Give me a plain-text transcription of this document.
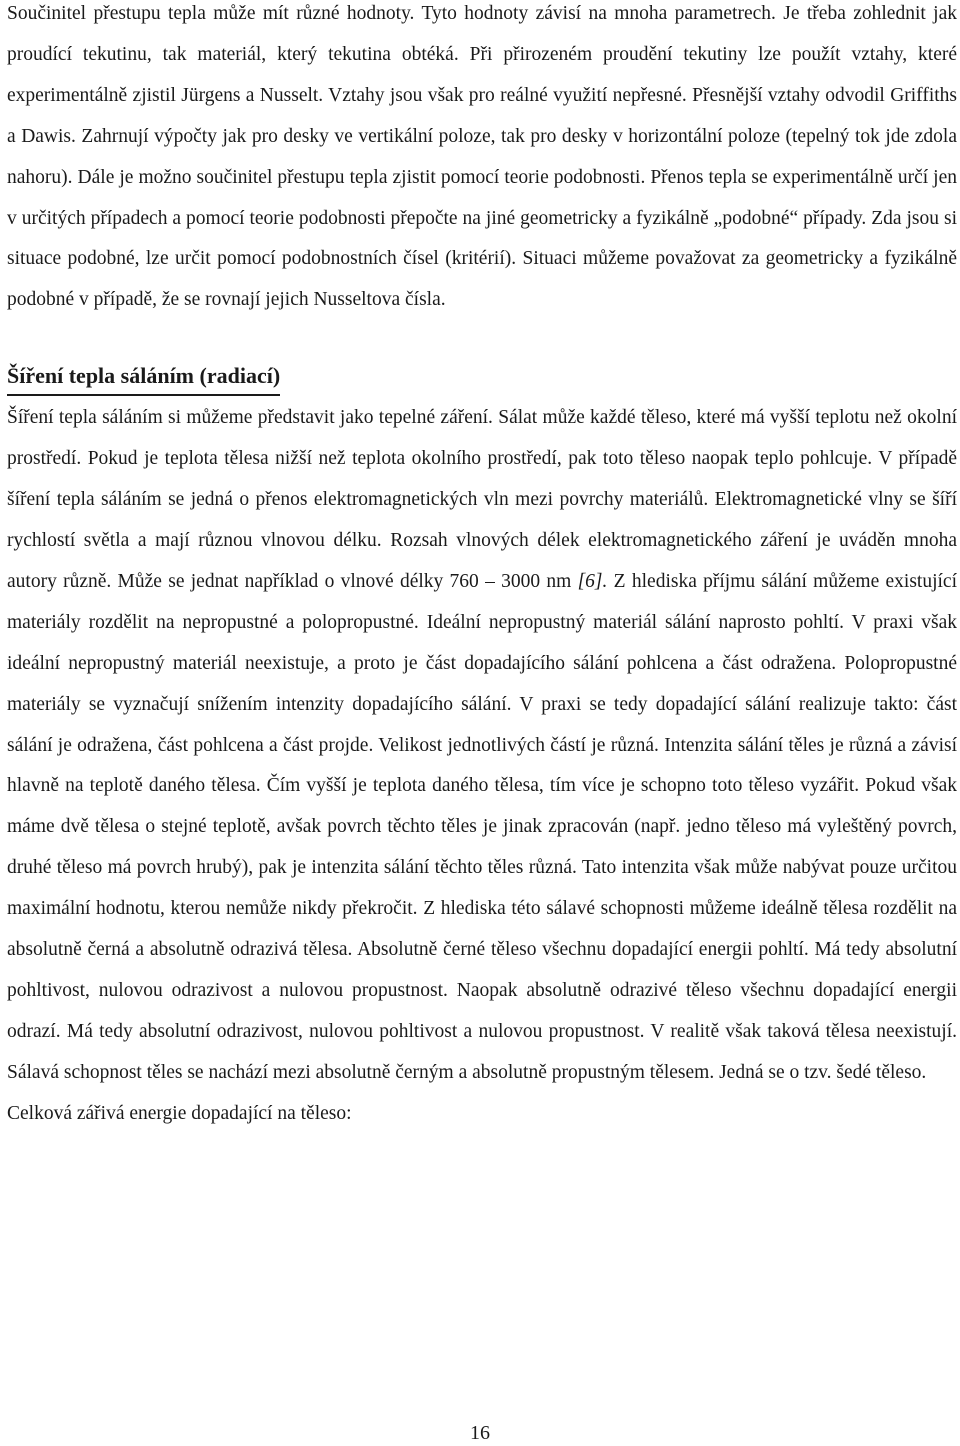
Součinitel přestupu tepla může mít různé hodnoty. Tyto hodnoty závisí na mnoha parametrech. Je třeba zohlednit jak proudící tekutinu, tak materiál, který tekutina obtéká. Při přirozeném proudění tekutiny lze použít vztahy, které experimentálně zjistil Jürgens a Nusselt. Vztahy jsou však pro reálné využití nepřesné. Přesnější vztahy odvodil Griffiths a Dawis. Zahrnují výpočty jak pro desky ve vertikální poloze, tak pro desky v horizontální poloze (tepelný tok jde zdola nahoru). Dále je možno součinitel přestupu tepla zjistit pomocí teorie podobnosti. Přenos tepla se experimentálně určí jen v určitých případech a pomocí teorie podobnosti přepočte na jiné geometricky a fyzikálně „podobné“ případy. Zda jsou si situace podobné, lze určit pomocí podobnostních čísel (kritérií). Situaci můžeme považovat za geometricky a fyzikálně podobné v případě, že se rovnají jejich Nusseltova čísla.

Šíření tepla sáláním (radiací)

Šíření tepla sáláním si můžeme představit jako tepelné záření. Sálat může každé těleso, které má vyšší teplotu než okolní prostředí. Pokud je teplota tělesa nižší než teplota okolního prostředí, pak toto těleso naopak teplo pohlcuje. V případě šíření tepla sáláním se jedná o přenos elektromagnetických vln mezi povrchy materiálů. Elektromagnetické vlny se šíří rychlostí světla a mají různou vlnovou délku. Rozsah vlnových délek elektromagnetického záření je uváděn mnoha autory různě. Může se jednat například o vlnové délky 760 – 3000 nm [6]. Z hlediska příjmu sálání můžeme existující materiály rozdělit na nepropustné a polopropustné. Ideální nepropustný materiál sálání naprosto pohltí. V praxi však ideální nepropustný materiál neexistuje, a proto je část dopadajícího sálání pohlcena a část odražena. Polopropustné materiály se vyznačují snížením intenzity dopadajícího sálání. V praxi se tedy dopadající sálání realizuje takto: část sálání je odražena, část pohlcena a část projde. Velikost jednotlivých částí je různá. Intenzita sálání těles je různá a závisí hlavně na teplotě daného tělesa. Čím vyšší je teplota daného tělesa, tím více je schopno toto těleso vyzářit. Pokud však máme dvě tělesa o stejné teplotě, avšak povrch těchto těles je jinak zpracován (např. jedno těleso má vyleštěný povrch, druhé těleso má povrch hrubý), pak je intenzita sálání těchto těles různá. Tato intenzita však může nabývat pouze určitou maximální hodnotu, kterou nemůže nikdy překročit. Z hlediska této sálavé schopnosti můžeme ideálně tělesa rozdělit na absolutně černá a absolutně odrazivá tělesa. Absolutně černé těleso všechnu dopadající energii pohltí. Má tedy absolutní pohltivost, nulovou odrazivost a nulovou propustnost. Naopak absolutně odrazivé těleso všechnu dopadající energii odrazí. Má tedy absolutní odrazivost, nulovou pohltivost a nulovou propustnost. V realitě však taková tělesa neexistují. Sálavá schopnost těles se nachází mezi absolutně černým a absolutně propustným tělesem. Jedná se o tzv. šedé těleso.

Celková zářivá energie dopadající na těleso:

16
